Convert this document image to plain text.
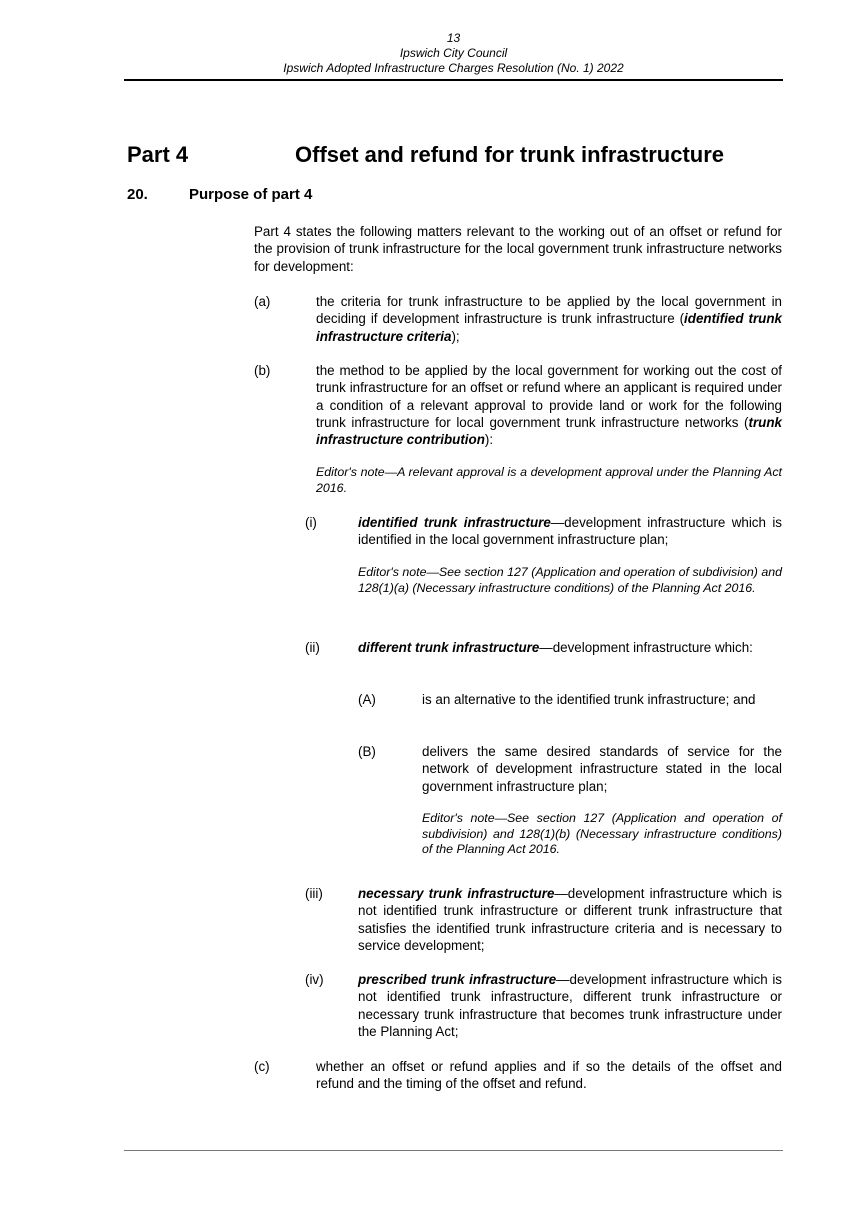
13
Ipswich City Council
Ipswich Adopted Infrastructure Charges Resolution (No. 1) 2022
Part 4	Offset and refund for trunk infrastructure
20.	Purpose of part 4
Part 4 states the following matters relevant to the working out of an offset or refund for the provision of trunk infrastructure for the local government trunk infrastructure networks for development:
(a)	the criteria for trunk infrastructure to be applied by the local government in deciding if development infrastructure is trunk infrastructure (identified trunk infrastructure criteria);
(b)	the method to be applied by the local government for working out the cost of trunk infrastructure for an offset or refund where an applicant is required under a condition of a relevant approval to provide land or work for the following trunk infrastructure for local government trunk infrastructure networks (trunk infrastructure contribution):
Editor's note—A relevant approval is a development approval under the Planning Act 2016.
(i)	identified trunk infrastructure—development infrastructure which is identified in the local government infrastructure plan;
Editor's note—See section 127 (Application and operation of subdivision) and 128(1)(a) (Necessary infrastructure conditions) of the Planning Act 2016.
(ii)	different trunk infrastructure—development infrastructure which:
(A)	is an alternative to the identified trunk infrastructure; and
(B)	delivers the same desired standards of service for the network of development infrastructure stated in the local government infrastructure plan;
Editor's note—See section 127 (Application and operation of subdivision) and 128(1)(b) (Necessary infrastructure conditions) of the Planning Act 2016.
(iii)	necessary trunk infrastructure—development infrastructure which is not identified trunk infrastructure or different trunk infrastructure that satisfies the identified trunk infrastructure criteria and is necessary to service development;
(iv)	prescribed trunk infrastructure—development infrastructure which is not identified trunk infrastructure, different trunk infrastructure or necessary trunk infrastructure that becomes trunk infrastructure under the Planning Act;
(c)	whether an offset or refund applies and if so the details of the offset and refund and the timing of the offset and refund.
